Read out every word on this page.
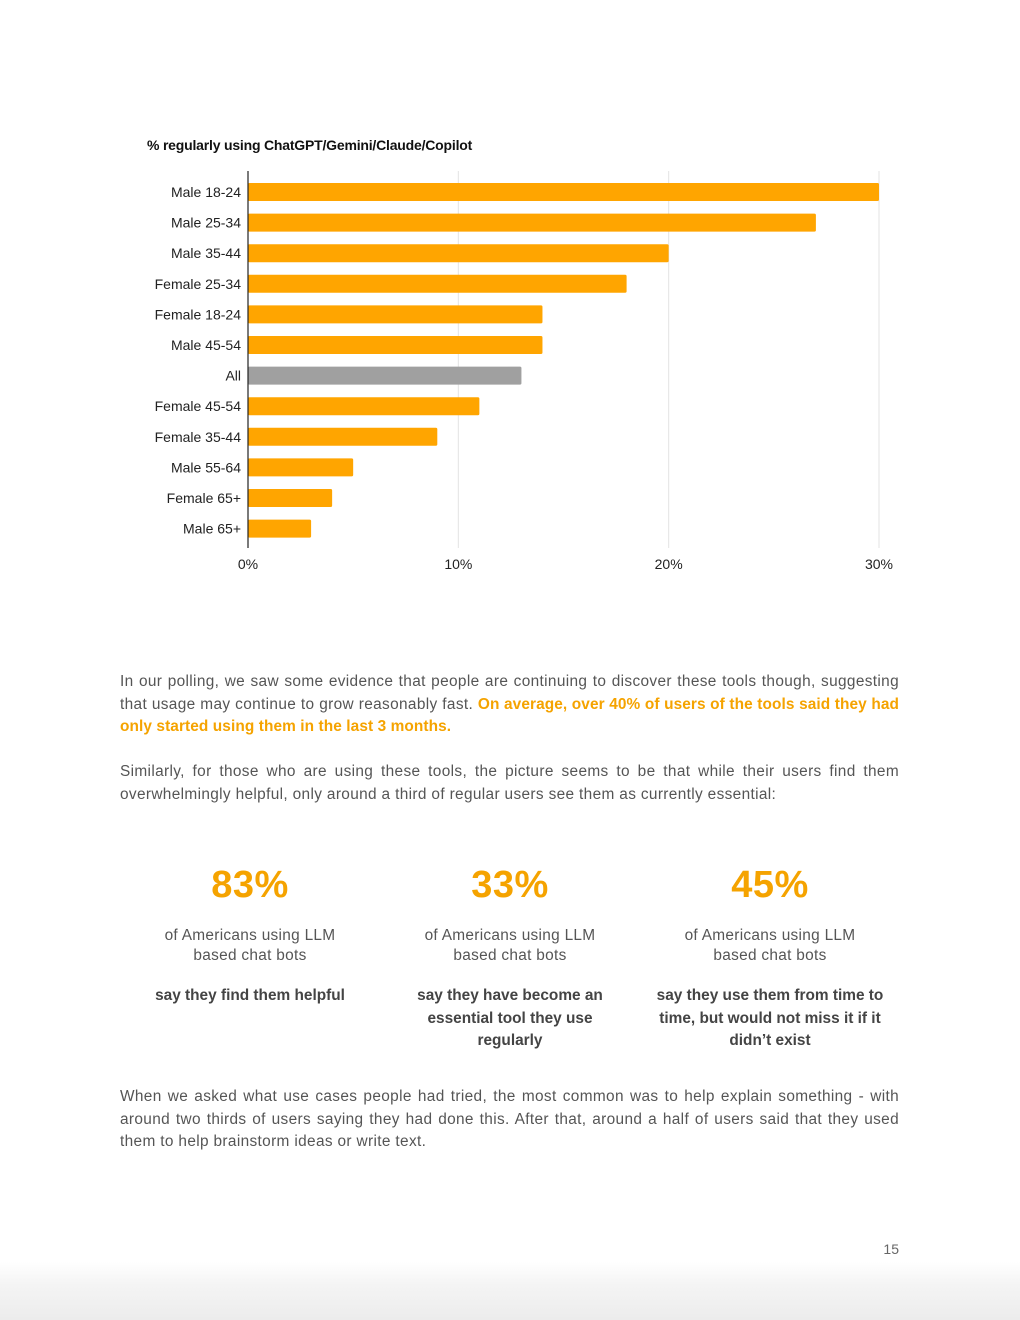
% regularly using ChatGPT/Gemini/Claude/Copilot
0%	10%	20%	30%
Male 18-24
Male 25-34
Male 35-44
Female 25-34
Female 18-24
Male 45-54
All
Female 45-54
Female 35-44
Male 55-64
Female 65+
Male 65+

In our polling, we saw some evidence that people are continuing to discover these tools though, suggesting that usage may continue to grow reasonably fast. On average, over 40% of users of the tools said they had only started using them in the last 3 months.

Similarly, for those who are using these tools, the picture seems to be that while their users find them overwhelmingly helpful, only around a third of regular users see them as currently essential:

83%
of Americans using LLM based chat bots
say they find them helpful
33%
of Americans using LLM based chat bots
say they have become an essential tool they use regularly
45%
of Americans using LLM based chat bots
say they use them from time to time, but would not miss it if it didn’t exist

When we asked what use cases people had tried, the most common was to help explain something - with around two thirds of users saying they had done this. After that, around a half of users said that they used them to help brainstorm ideas or write text.

15
